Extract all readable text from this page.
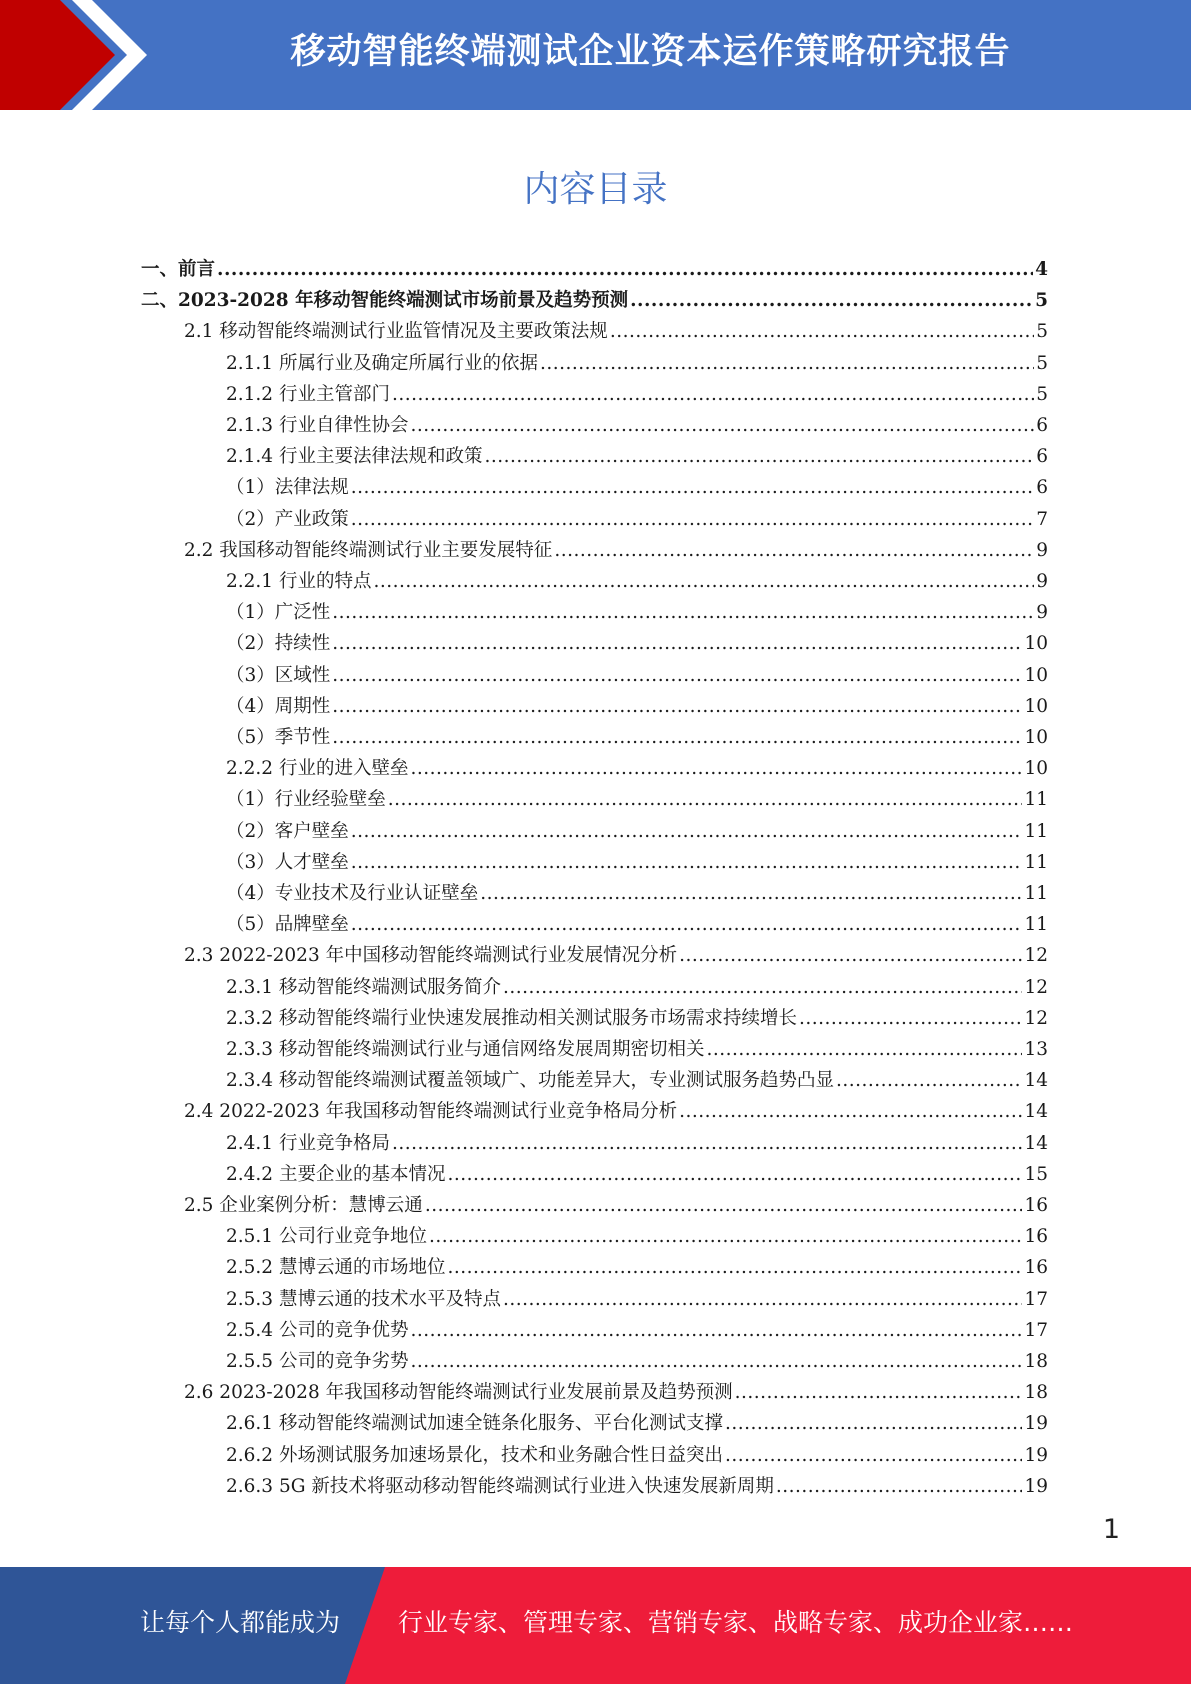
移动智能终端测试企业资本运作策略研究报告
内容目录
一、前言 .....	4
二、2023-2028 年移动智能终端测试市场前景及趋势预测 .....	5
2.1 移动智能终端测试行业监管情况及主要政策法规 .....	5
2.1.1 所属行业及确定所属行业的依据 .....	5
2.1.2 行业主管部门 .....	5
2.1.3 行业自律性协会 .....	6
2.1.4 行业主要法律法规和政策 .....	6
（1）法律法规 .....	6
（2）产业政策 .....	7
2.2 我国移动智能终端测试行业主要发展特征 .....	9
2.2.1 行业的特点 .....	9
（1）广泛性 .....	9
（2）持续性 .....	10
（3）区域性 .....	10
（4）周期性 .....	10
（5）季节性 .....	10
2.2.2 行业的进入壁垒 .....	10
（1）行业经验壁垒 .....	11
（2）客户壁垒 .....	11
（3）人才壁垒 .....	11
（4）专业技术及行业认证壁垒 .....	11
（5）品牌壁垒 .....	11
2.3 2022-2023 年中国移动智能终端测试行业发展情况分析 .....	12
2.3.1 移动智能终端测试服务简介 .....	12
2.3.2 移动智能终端行业快速发展推动相关测试服务市场需求持续增长 .....	12
2.3.3 移动智能终端测试行业与通信网络发展周期密切相关 .....	13
2.3.4 移动智能终端测试覆盖领域广、功能差异大，专业测试服务趋势凸显 .....	14
2.4 2022-2023 年我国移动智能终端测试行业竞争格局分析 .....	14
2.4.1 行业竞争格局 .....	14
2.4.2 主要企业的基本情况 .....	15
2.5 企业案例分析：慧博云通 .....	16
2.5.1 公司行业竞争地位 .....	16
2.5.2 慧博云通的市场地位 .....	16
2.5.3 慧博云通的技术水平及特点 .....	17
2.5.4 公司的竞争优势 .....	17
2.5.5 公司的竞争劣势 .....	18
2.6 2023-2028 年我国移动智能终端测试行业发展前景及趋势预测 .....	18
2.6.1 移动智能终端测试加速全链条化服务、平台化测试支撑 .....	19
2.6.2 外场测试服务加速场景化，技术和业务融合性日益突出 .....	19
2.6.3 5G 新技术将驱动移动智能终端测试行业进入快速发展新周期 .....	19
1
让每个人都能成为 行业专家、管理专家、营销专家、战略专家、成功企业家……
